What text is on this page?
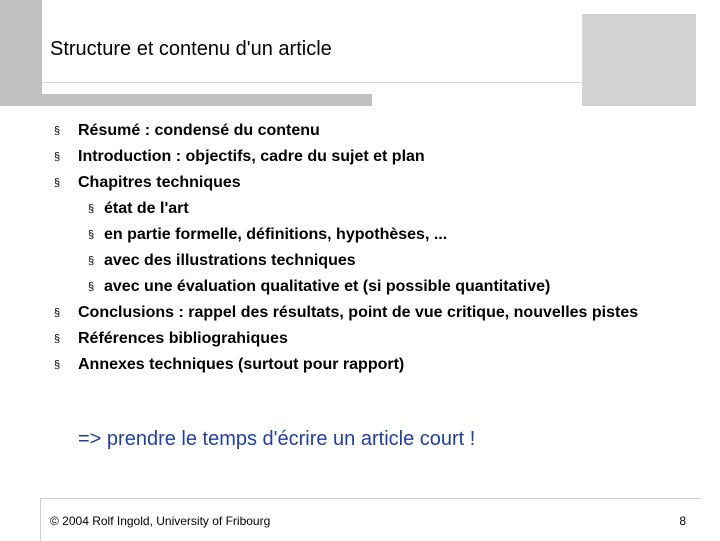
Structure et contenu d'un article
§ Résumé : condensé du contenu
§ Introduction : objectifs, cadre du sujet et plan
§ Chapitres techniques
§ état de l'art
§ en partie formelle, définitions, hypothèses, ...
§ avec des illustrations techniques
§ avec une évaluation qualitative et (si possible quantitative)
§ Conclusions : rappel des résultats, point de vue critique, nouvelles pistes
§ Références bibliograhiques
§ Annexes techniques (surtout pour rapport)
=> prendre le temps d'écrire un article court !
© 2004 Rolf Ingold, University of Fribourg	8
